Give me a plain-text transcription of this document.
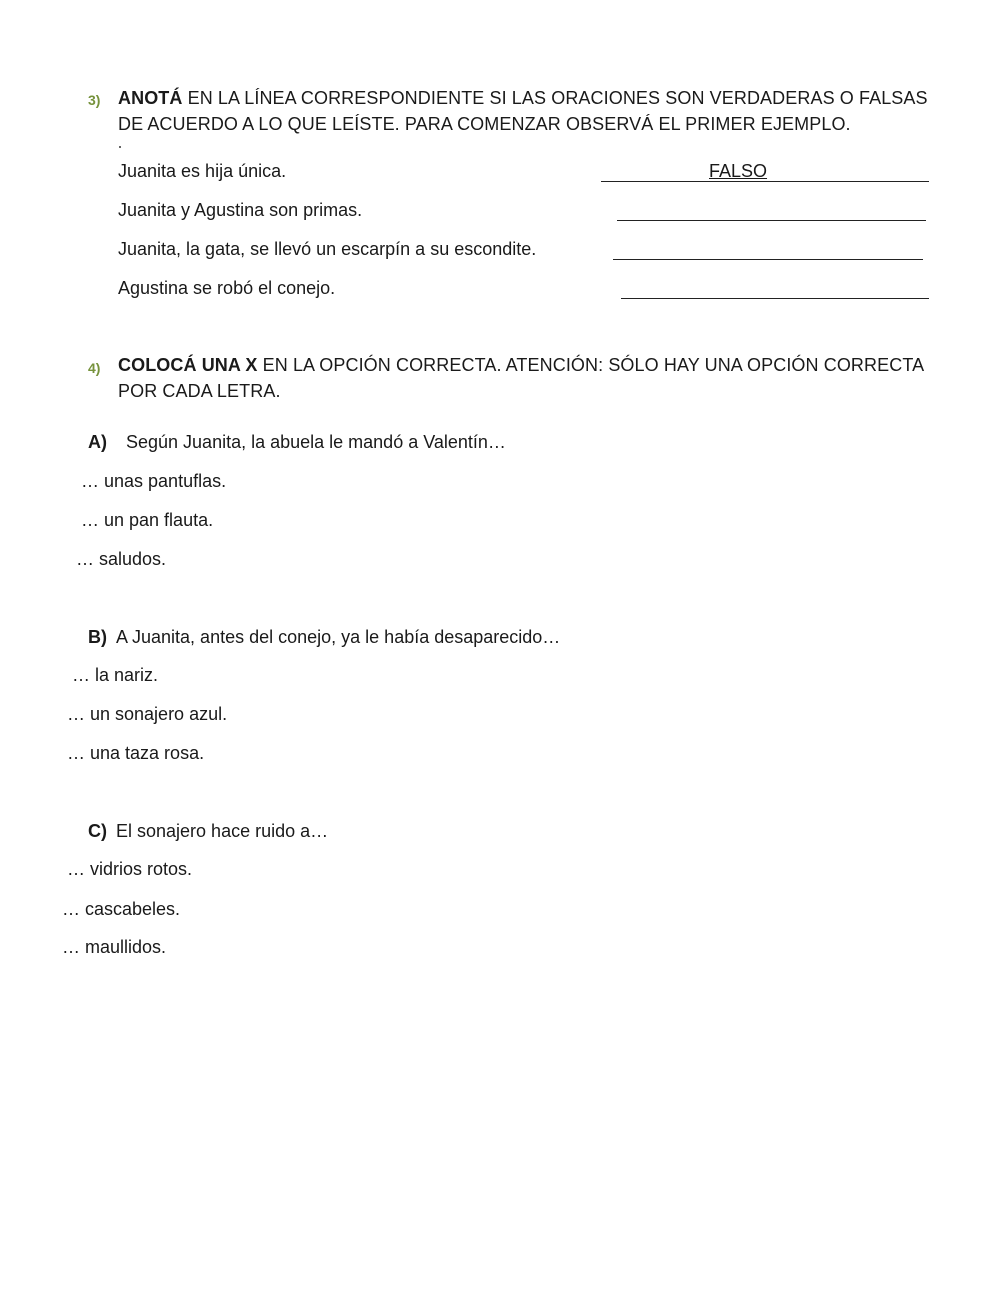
3) ANOTÁ EN LA LÍNEA CORRESPONDIENTE SI LAS ORACIONES SON VERDADERAS O FALSAS
DE ACUERDO A LO QUE LEÍSTE. PARA COMENZAR OBSERVÁ EL PRIMER EJEMPLO.
Juanita es hija única.	FALSO
Juanita y Agustina son primas.
Juanita, la gata, se llevó un escarpín a su escondite.
Agustina se robó el conejo.
4) COLOCÁ UNA X EN LA OPCIÓN CORRECTA. ATENCIÓN: SÓLO HAY UNA OPCIÓN CORRECTA
POR CADA LETRA.
A) Según Juanita, la abuela le mandó a Valentín…
… unas pantuflas.
… un pan flauta.
… saludos.
B) A Juanita, antes del conejo, ya le había desaparecido…
… la nariz.
… un sonajero azul.
… una taza rosa.
C) El sonajero hace ruido a…
… vidrios rotos.
… cascabeles.
… maullidos.
